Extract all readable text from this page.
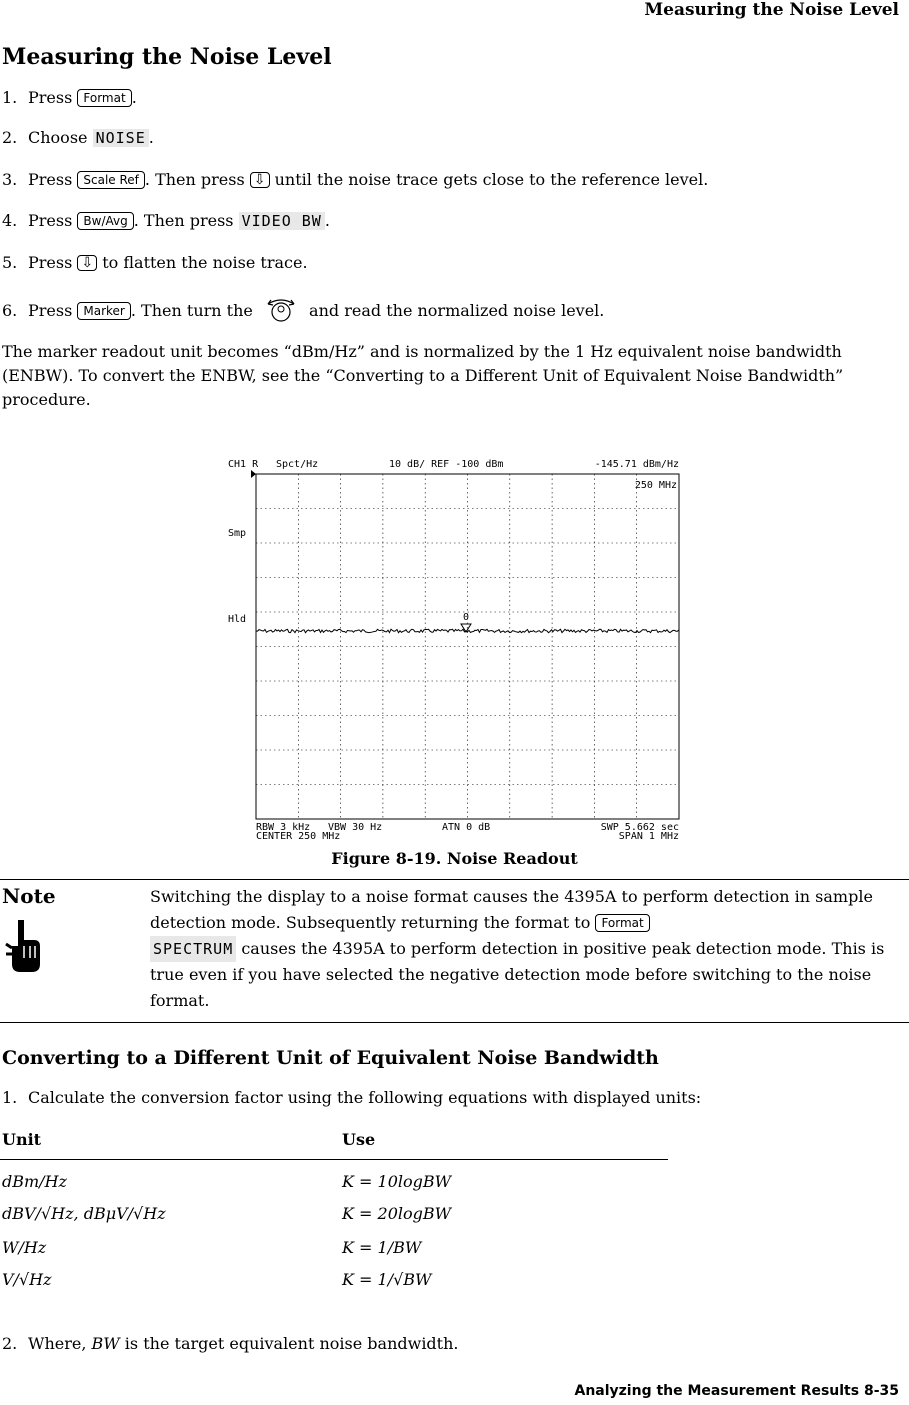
Measuring the Noise Level
Measuring the Noise Level
1. Press Format .
2. Choose NOISE .
3. Press Scale Ref . Then press ⇩ until the noise trace gets close to the reference level.
4. Press Bw/Avg . Then press VIDEO BW .
5. Press ⇩ to flatten the noise trace.
6. Press Marker . Then turn the	and read the normalized noise level.
The marker readout unit becomes “dBm/Hz” and is normalized by the 1 Hz equivalent noise bandwidth (ENBW). To convert the ENBW, see the “Converting to a Different Unit of Equivalent Noise Bandwidth” procedure.
CH1 R Spct/Hz	10 dB/ REF -100 dBm	-145.71 dBm/Hz
250 MHz
Smp
Hld	0
RBW 3 kHz VBW 30 Hz	ATN 0 dB	SWP 5.662 sec
CENTER 250 MHz	SPAN 1 MHz
Figure 8-19. Noise Readout
Note	Switching the display to a noise format causes the 4395A to perform detection in sample detection mode. Subsequently returning the format to Format
SPECTRUM causes the 4395A to perform detection in positive peak detection mode. This is true even if you have selected the negative detection mode before switching to the noise format.
Converting to a Different Unit of Equivalent Noise Bandwidth
1. Calculate the conversion factor using the following equations with displayed units:
Unit	Use
dBm/Hz	K = 10logBW
dBV/√Hz, dBμV/√Hz	K = 20logBW
W/Hz	K = 1/BW
V/√Hz	K = 1/√BW
2. Where, BW is the target equivalent noise bandwidth.
Analyzing the Measurement Results 8-35
